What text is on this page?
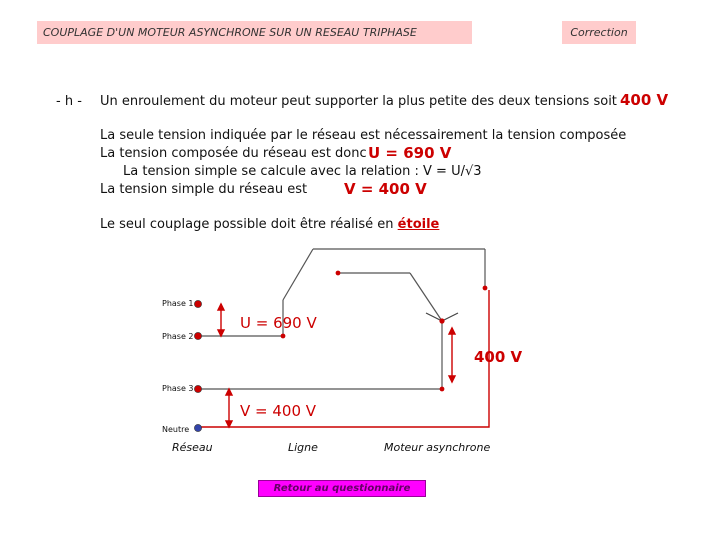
COUPLAGE D'UN MOTEUR ASYNCHRONE SUR UN RESEAU TRIPHASE	Correction
- h - Un enroulement du moteur peut supporter la plus petite des deux tensions soit 400 V
La seule tension indiquée par le réseau est nécessairement la tension composée
La tension composée du réseau est donc U = 690 V
La tension simple se calcule avec la relation : V = U/√3
La tension simple du réseau est V = 400 V
Le seul couplage possible doit être réalisé en étoile
Phase 1
Phase 2
Phase 3
Neutre
U = 690 V
V = 400 V
400 V
Réseau	Ligne	Moteur asynchrone
Retour au questionnaire
